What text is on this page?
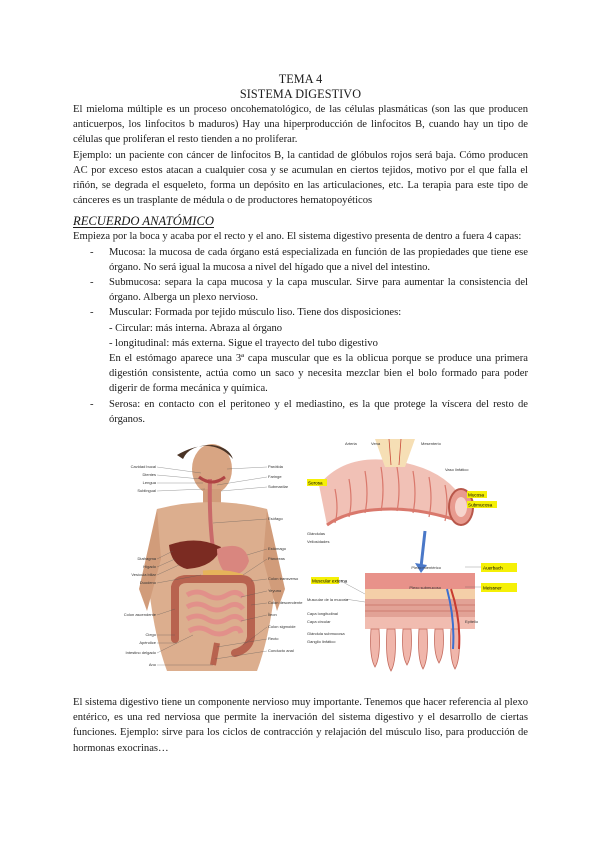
TEMA 4
SISTEMA DIGESTIVO

El mieloma múltiple es un proceso oncohematológico, de las células plasmáticas (son las que producen anticuerpos, los linfocitos b maduros) Hay una hiperproducción de linfocitos B, cuando hay un tipo de células que proliferan el resto tienden a no proliferar.

Ejemplo: un paciente con cáncer de linfocitos B, la cantidad de glóbulos rojos será baja. Cómo producen AC por exceso estos atacan a cualquier cosa y se acumulan en ciertos tejidos, motivo por el que falla el riñón, se degrada el esqueleto, forma un depósito en las articulaciones, etc. La terapia para este tipo de cánceres es un trasplante de médula o de productores hematopoyéticos

RECUERDO ANATÓMICO

Empieza por la boca y acaba por el recto y el ano. El sistema digestivo presenta de dentro a fuera 4 capas:

- Mucosa: la mucosa de cada órgano está especializada en función de las propiedades que tiene ese órgano. No será igual la mucosa a nivel del hígado que a nivel del intestino.
- Submucosa: separa la capa mucosa y la capa muscular. Sirve para aumentar la consistencia del órgano. Alberga un plexo nervioso.
- Muscular: Formada por tejido músculo liso. Tiene dos disposiciones:
- Circular: más interna. Abraza al órgano
- longitudinal: más externa. Sigue el trayecto del tubo digestivo
En el estómago aparece una 3ª capa muscular que es la oblicua porque se produce una primera digestión consistente, actúa como un saco y necesita mezclar bien el bolo formado para poder digerir de forma mecánica y química.
- Serosa: en contacto con el peritoneo y el mediastino, es la que protege la víscera del resto de órganos.
Cavidad bucal
Dientes
Lengua
Sublingual
Diafragma
Hígado
Vesícula biliar
Duodeno
Colon ascendente
Ciego
Apéndice
Intestino delgado
Ano
Parótida
Faringe
Submaxilar
Esófago
Estómago
Páncreas
Colon transverso
Yeyuno
Colon descendente
Íleon
Colon sigmoide
Recto
Conducto anal
Serosa
Mucosa
Submucosa
Muscular externa
Auerbach
Meissner
Plexo mientérico
Plexo submucoso
Muscular de la mucosa
Arteria	Vena	Mesenterio
Vaso linfático
Glándulas
Vellosidades
Capa longitudinal
Capa circular
Glándula submucosa
Ganglio linfático
Epitelio

El sistema digestivo tiene un componente nervioso muy importante. Tenemos que hacer referencia al plexo entérico, es una red nerviosa que permite la inervación del sistema digestivo y el desarrollo de ciertas funciones. Ejemplo: sirve para los ciclos de contracción y relajación del músculo liso, para producción de hormonas exocrinas…
